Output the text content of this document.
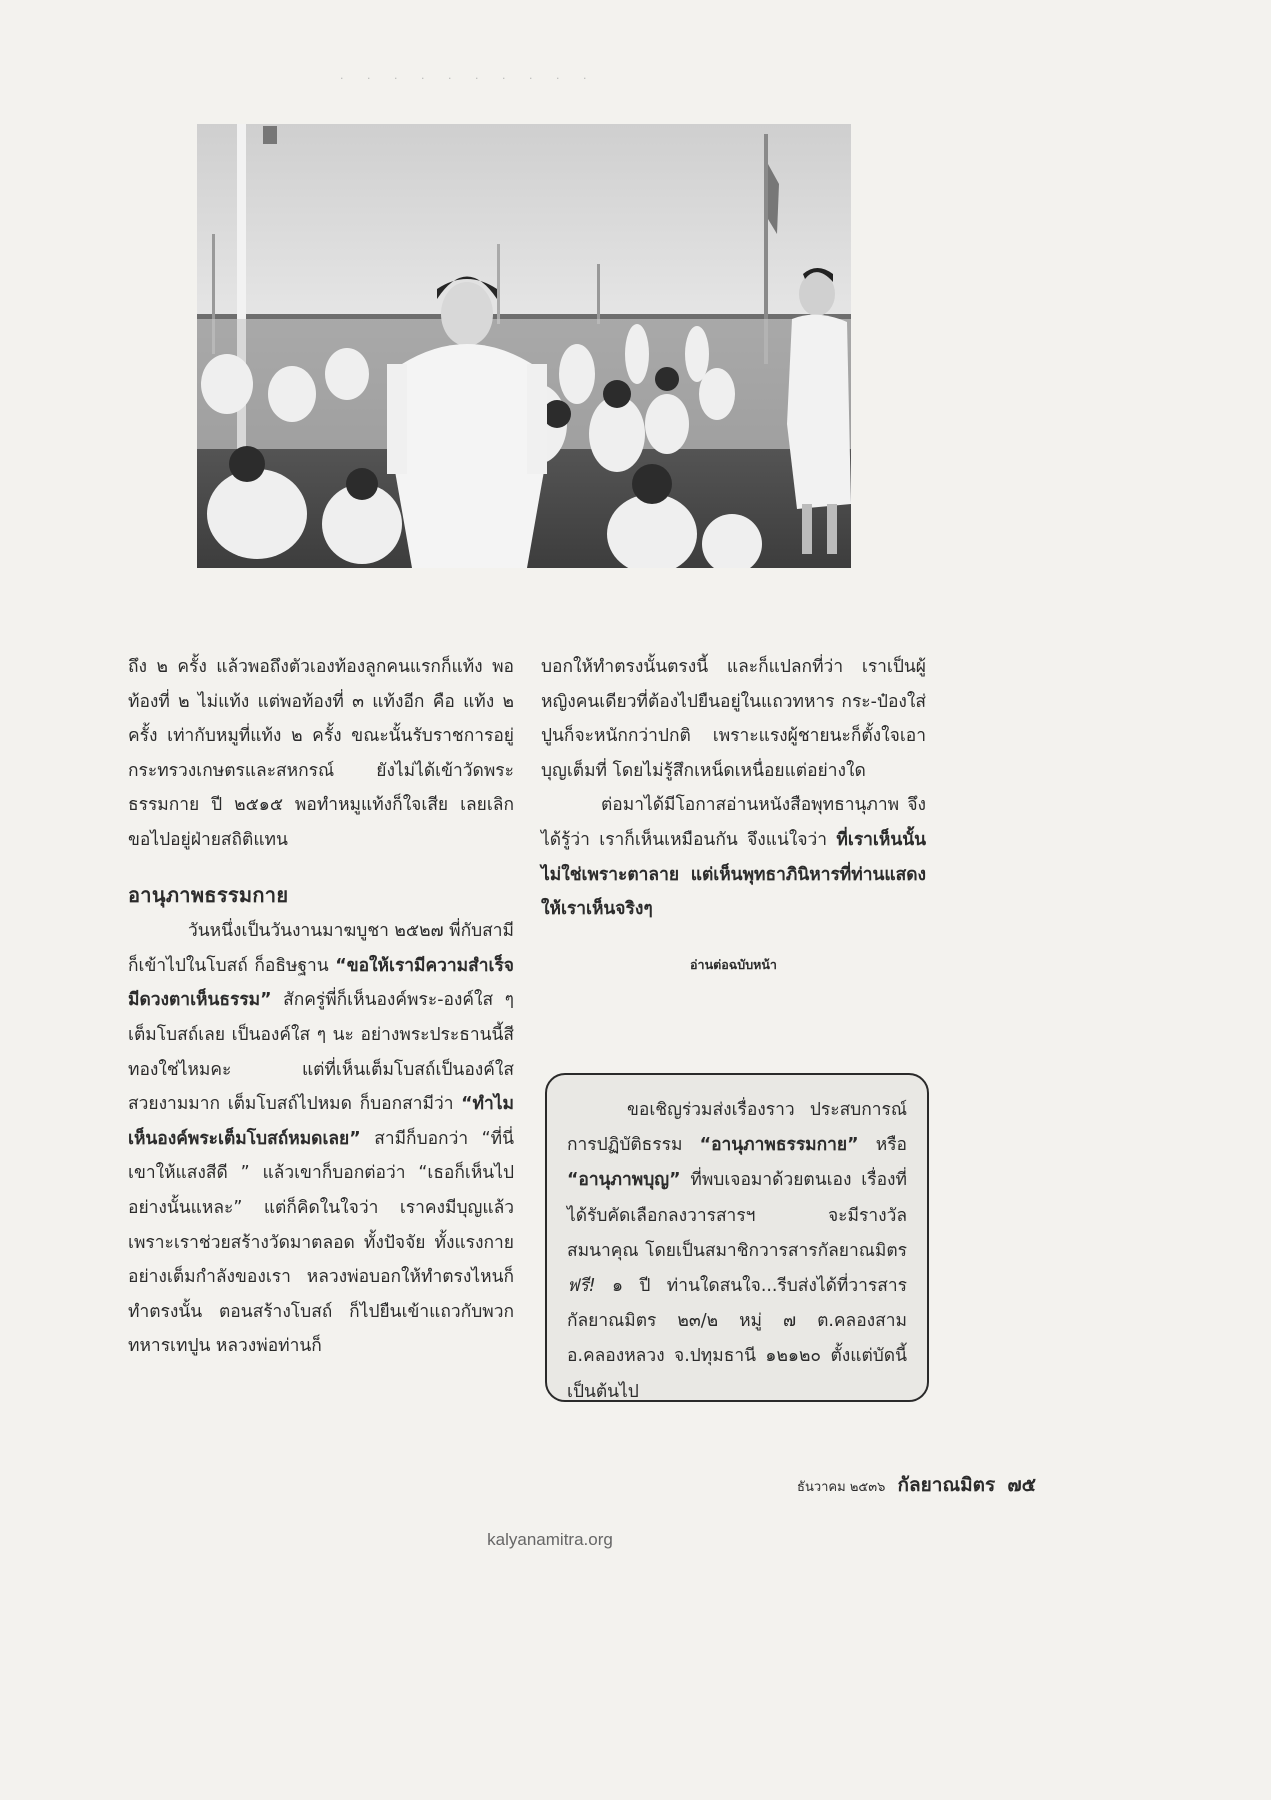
· · · · · · · · · ·

ถึง ๒ ครั้ง แล้วพอถึงตัวเองท้องลูกคนแรกก็แท้ง พอท้องที่ ๒ ไม่แท้ง แต่พอท้องที่ ๓ แท้งอีก คือ แท้ง ๒ ครั้ง เท่ากับหมูที่แท้ง ๒ ครั้ง ขณะนั้นรับราชการอยู่กระทรวงเกษตรและสหกรณ์ ยังไม่ได้เข้าวัดพระธรรมกาย ปี ๒๕๑๕ พอทำหมูแท้งก็ใจเสีย เลยเลิก ขอไปอยู่ฝ่ายสถิติแทน

อานุภาพธรรมกาย

วันหนึ่งเป็นวันงานมาฆบูชา ๒๕๒๗ พี่กับสามีก็เข้าไปในโบสถ์ ก็อธิษฐาน “ขอให้เรามีความสำเร็จ มีดวงตาเห็นธรรม” สักครู่พี่ก็เห็นองค์พระ-องค์ใส ๆ เต็มโบสถ์เลย เป็นองค์ใส ๆ นะ อย่างพระประธานนี้สีทองใช่ไหมคะ แต่ที่เห็นเต็มโบสถ์เป็นองค์ใส สวยงามมาก เต็มโบสถ์ไปหมด ก็บอกสามีว่า “ทำไมเห็นองค์พระเต็มโบสถ์หมดเลย” สามีก็บอกว่า “ที่นี่เขาให้แสงสีดี ” แล้วเขาก็บอกต่อว่า “เธอก็เห็นไปอย่างนั้นแหละ” แต่ก็คิดในใจว่า เราคงมีบุญแล้ว เพราะเราช่วยสร้างวัดมาตลอด ทั้งปัจจัย ทั้งแรงกาย อย่างเต็มกำลังของเรา หลวงพ่อบอกให้ทำตรงไหนก็ทำตรงนั้น ตอนสร้างโบสถ์ ก็ไปยืนเข้าแถวกับพวกทหารเทปูน หลวงพ่อท่านก็

บอกให้ทำตรงนั้นตรงนี้ และก็แปลกที่ว่า เราเป็นผู้หญิงคนเดียวที่ต้องไปยืนอยู่ในแถวทหาร กระ-ป๋องใส่ปูนก็จะหนักกว่าปกติ เพราะแรงผู้ชายนะก็ตั้งใจเอาบุญเต็มที่ โดยไม่รู้สึกเหน็ดเหนื่อยแต่อย่างใด

ต่อมาได้มีโอกาสอ่านหนังสือพุทธานุภาพ จึงได้รู้ว่า เราก็เห็นเหมือนกัน จึงแน่ใจว่า ที่เราเห็นนั้นไม่ใช่เพราะตาลาย แต่เห็นพุทธาภินิหารที่ท่านแสดงให้เราเห็นจริงๆ

อ่านต่อฉบับหน้า

ขอเชิญร่วมส่งเรื่องราว ประสบการณ์การปฏิบัติธรรม “อานุภาพธรรมกาย” หรือ “อานุภาพบุญ” ที่พบเจอมาด้วยตนเอง เรื่องที่ได้รับคัดเลือกลงวารสารฯ จะมีรางวัลสมนาคุณ โดยเป็นสมาชิกวารสารกัลยาณมิตร ฟรี! ๑ ปี ท่านใดสนใจ...รีบส่งได้ที่วารสารกัลยาณมิตร ๒๓/๒ หมู่ ๗ ต.คลองสาม อ.คลองหลวง จ.ปทุมธานี ๑๒๑๒๐ ตั้งแต่บัดนี้เป็นต้นไป

ธันวาคม ๒๕๓๖ กัลยาณมิตร ๗๕
kalyanamitra.org
